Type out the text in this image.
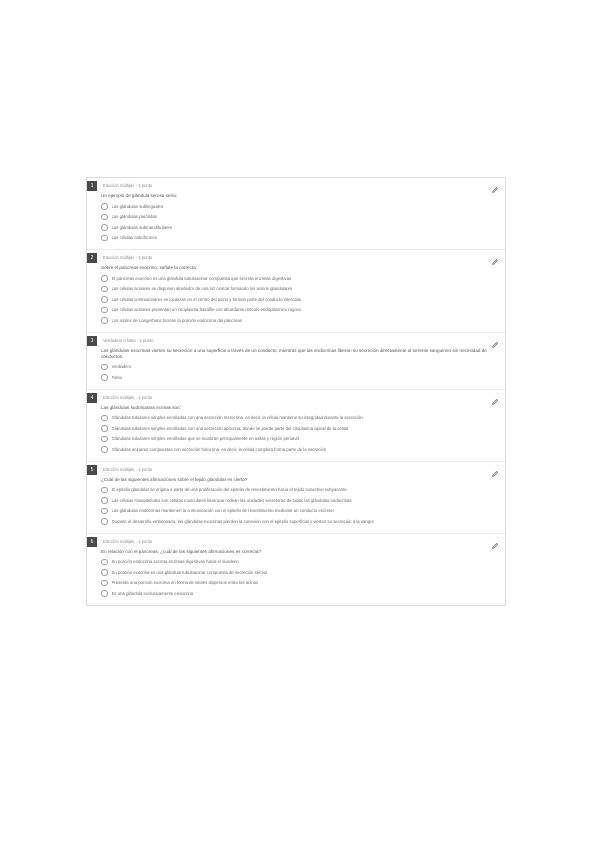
1	Elección múltiple · 1 punto
Un ejemplo de glándula serosa sería:
Las glándulas sublinguales
Las glándulas parótidas
Las glándulas submandibulares
Las células caliciformes
2	Elección múltiple · 1 punto
Sobre el páncreas exocrino, señale la correcta:
El páncreas exocrino es una glándula tubuloacinar compuesta que secreta enzimas digestivas
Las células acinares se disponen alrededor de una luz central formando los acinos glandulares
Las células centroacinares se localizan en el centro del acino y forman parte del conducto intercalar
Las células acinares presentan un citoplasma basófilo con abundante retículo endoplásmico rugoso
Los islotes de Langerhans forman la porción endocrina del páncreas
3	Verdadero o falso · 1 punto
Las glándulas exocrinas vierten su secreción a una superficie a través de un conducto, mientras que las endocrinas liberan su secreción directamente al torrente sanguíneo sin necesidad de conductos.
Verdadero
Falso
4	Elección múltiple · 1 punto
Las glándulas sudoríparas ecrinas son:
Glándulas tubulares simples enrolladas con una secreción merocrina, es decir, la célula mantiene su integridad durante la secreción
Glándulas tubulares simples enrolladas con una secreción apocrina, donde se pierde parte del citoplasma apical de la célula
Glándulas tubulares simples enrolladas que se localizan principalmente en axilas y región perianal
Glándulas acinares compuestas con secreción holocrina, es decir, la célula completa forma parte de la secreción
5	Elección múltiple · 1 punto
¿Cuál de las siguientes afirmaciones sobre el tejido glandular es cierta?
El epitelio glandular se origina a partir de una proliferación del epitelio de revestimiento hacia el tejido conectivo subyacente
Las células mioepiteliales son células musculares lisas que rodean las unidades secretoras de todas las glándulas endocrinas
Las glándulas endocrinas mantienen la comunicación con el epitelio de revestimiento mediante un conducto excretor
Durante el desarrollo embrionario, las glándulas exocrinas pierden la conexión con el epitelio superficial y vierten su secreción a la sangre
6	Elección múltiple · 1 punto
En relación con el páncreas, ¿cuál de las siguientes afirmaciones es correcta?
Su porción endocrina secreta enzimas digestivas hacia el duodeno
Su porción exocrina es una glándula tubuloacinar compuesta de secreción serosa
Presenta una porción exocrina en forma de islotes dispersos entre los acinos
Es una glándula exclusivamente endocrina
